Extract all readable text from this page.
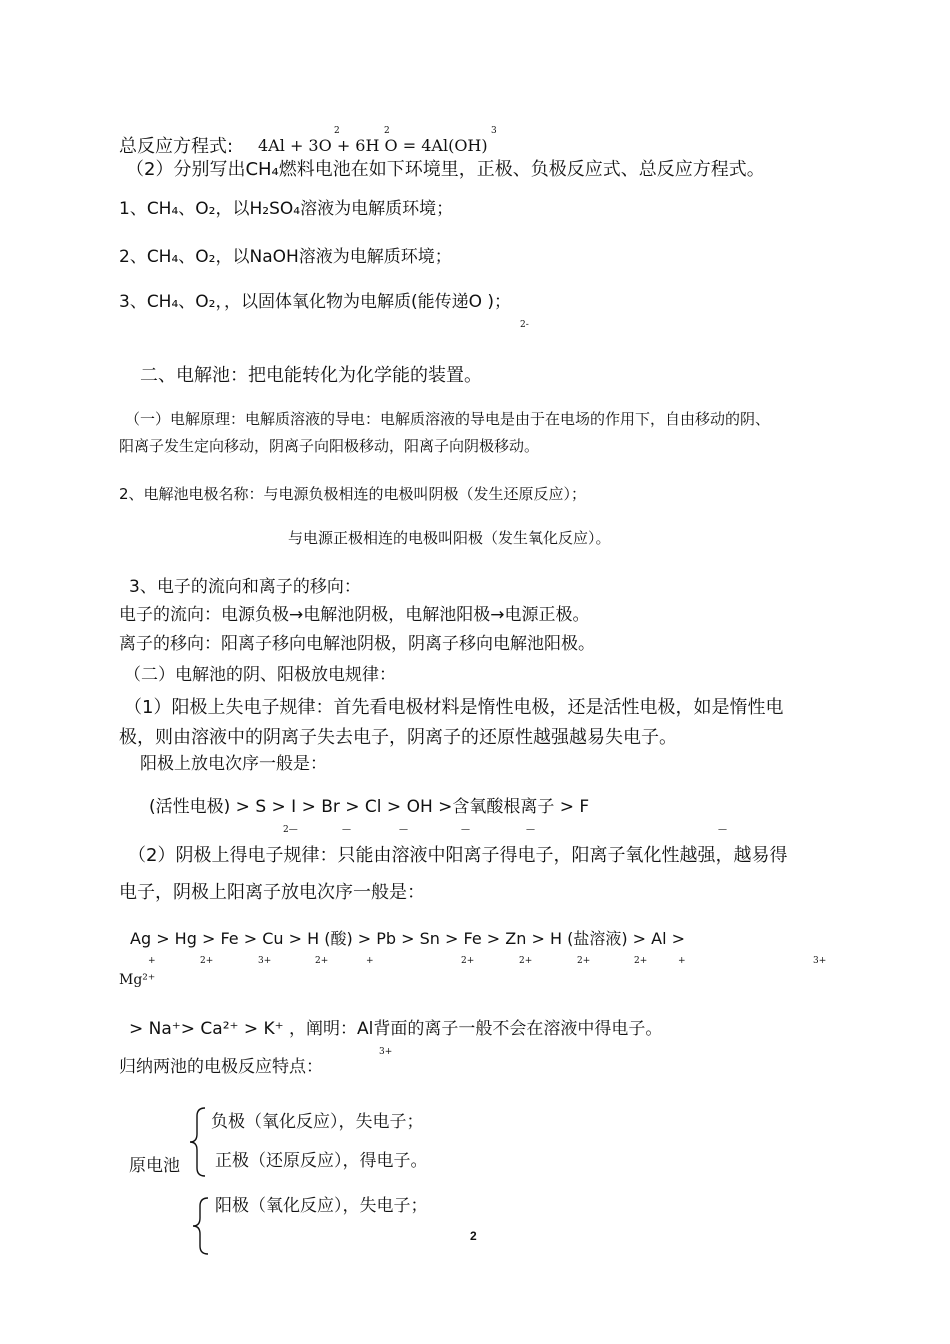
总反应方程式: 4Al + 3O + 6H O = 4Al(OH)
2	2	3
（2）分别写出CH₄燃料电池在如下环境里，正极、负极反应式、总反应方程式。
1、CH₄、O₂，以H₂SO₄溶液为电解质环境；
2、CH₄、O₂，以NaOH溶液为电解质环境；
3、CH₄、O₂，，以固体氧化物为电解质(能传递O )；
2-
二、电解池：把电能转化为化学能的装置。
（一）电解原理：电解质溶液的导电：电解质溶液的导电是由于在电场的作用下，自由移动的阴、
阳离子发生定向移动，阴离子向阳极移动，阳离子向阴极移动。
2、电解池电极名称：与电源负极相连的电极叫阴极（发生还原反应）；
与电源正极相连的电极叫阳极（发生氧化反应）。
3、电子的流向和离子的移向：
电子的流向：电源负极→电解池阴极，电解池阳极→电源正极。
离子的移向：阳离子移向电解池阴极，阴离子移向电解池阳极。
（二）电解池的阴、阳极放电规律：
（1）阳极上失电子规律：首先看电极材料是惰性电极，还是活性电极，如是惰性电
极，则由溶液中的阴离子失去电子，阴离子的还原性越强越易失电子。
阳极上放电次序一般是：
(活性电极) > S > I > Br > Cl > OH >含氧酸根离子 > F
2—	—	—	—	—	—
（2）阴极上得电子规律：只能由溶液中阳离子得电子，阳离子氧化性越强，越易得
电子，阴极上阳离子放电次序一般是：
Ag > Hg > Fe > Cu > H (酸) > Pb > Sn > Fe > Zn > H (盐溶液) > Al >
+	2+	3+	2+	+	2+	2+	2+	2+	+	3+
Mg²⁺
> Na⁺> Ca²⁺ > K⁺ ，阐明：Al背面的离子一般不会在溶液中得电子。
3+
归纳两池的电极反应特点：
原电池
负极（氧化反应），失电子；
正极（还原反应），得电子。
阳极（氧化反应），失电子；
2
